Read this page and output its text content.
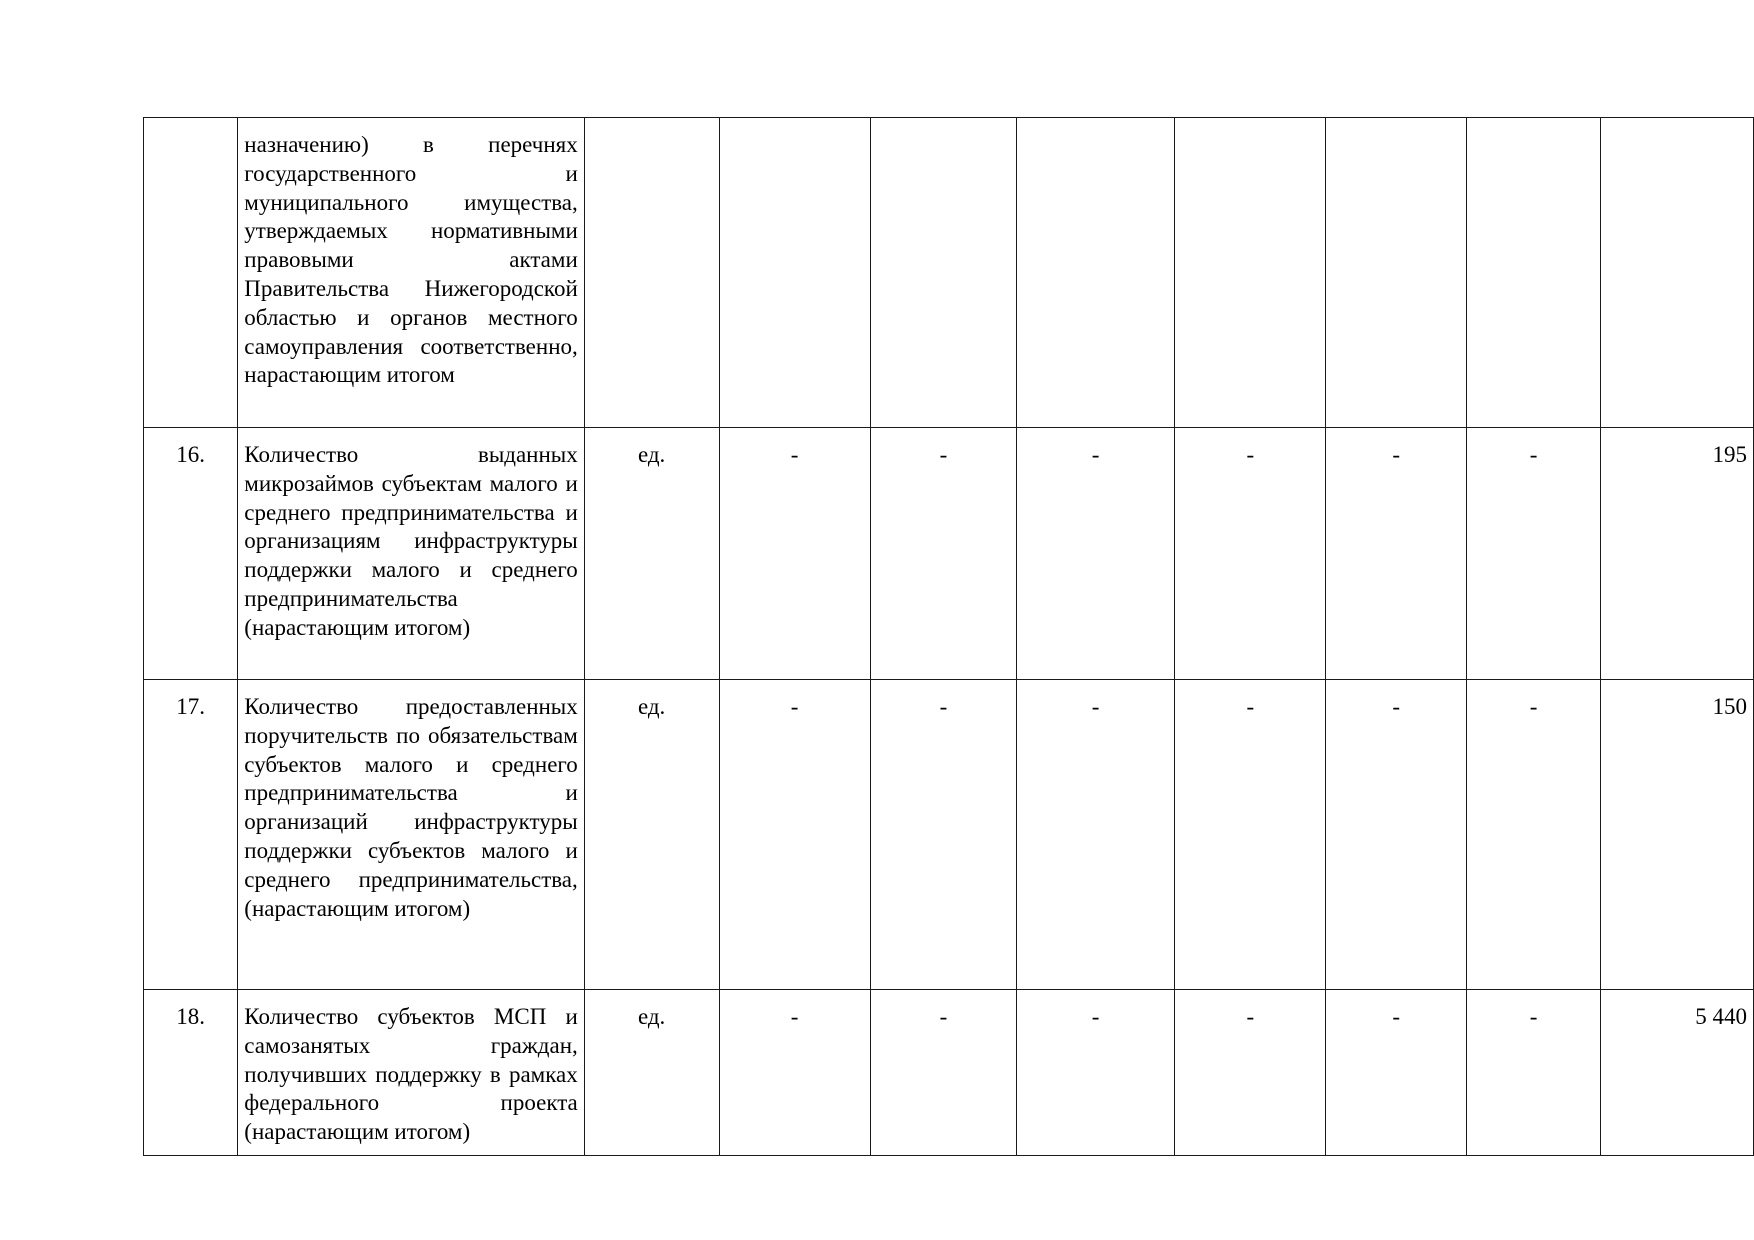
	назначению) в перечнях государственного и муниципального имущества, утверждаемых нормативными правовыми актами Правительства Нижегородской областью и органов местного самоуправления соответственно, нарастающим итогом								

16.	Количество выданных микрозаймов субъектам малого и среднего предпринимательства и организациям инфраструктуры поддержки малого и среднего предпринимательства (нарастающим итогом)	ед.	-	-	-	-	-	-	195
17.	Количество предоставленных поручительств по обязательствам субъектов малого и среднего предпринимательства и организаций инфраструктуры поддержки субъектов малого и среднего предпринимательства, (нарастающим итогом)	ед.	-	-	-	-	-	-	150
18.	Количество субъектов МСП и самозанятых граждан, получивших поддержку в рамках федерального проекта (нарастающим итогом)	ед.	-	-	-	-	-	-	5 440
